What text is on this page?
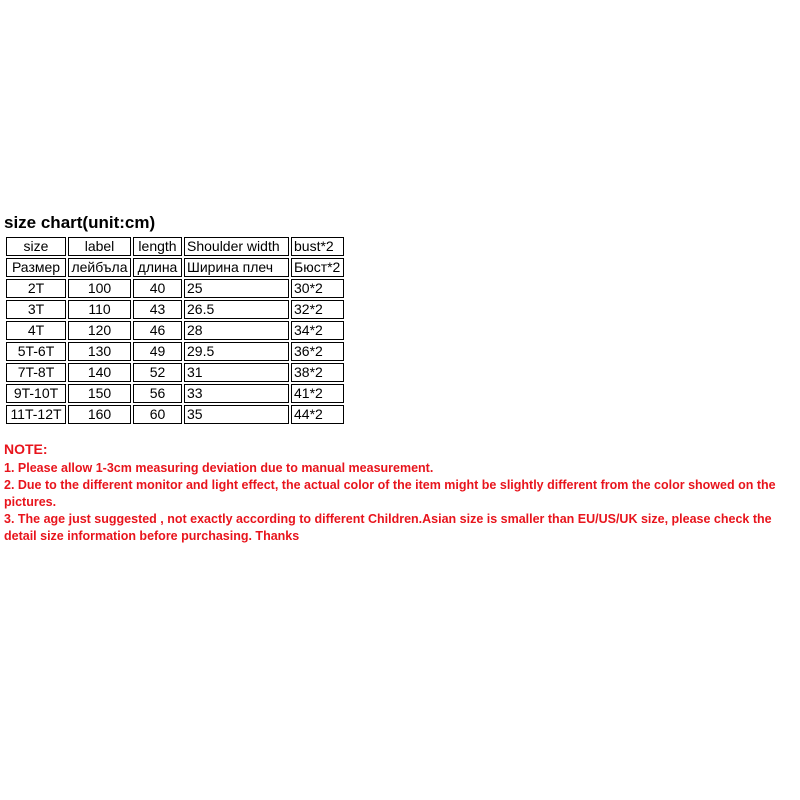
size chart(unit:cm)
size	label	length	Shoulder width	bust*2
Размер	лейбъла	длина	Ширина плеч	Бюст*2
2T	100	40	25	30*2
3T	110	43	26.5	32*2
4T	120	46	28	34*2
5T-6T	130	49	29.5	36*2
7T-8T	140	52	31	38*2
9T-10T	150	56	33	41*2
11T-12T	160	60	35	44*2
NOTE:

1. Please allow 1-3cm measuring deviation due to manual measurement.

2. Due to the different monitor and light effect, the actual color of the item might be slightly different from the color showed on the pictures.

3. The age just suggested , not exactly according to different Children.Asian size is smaller than EU/US/UK size, please check the detail size information before purchasing. Thanks
